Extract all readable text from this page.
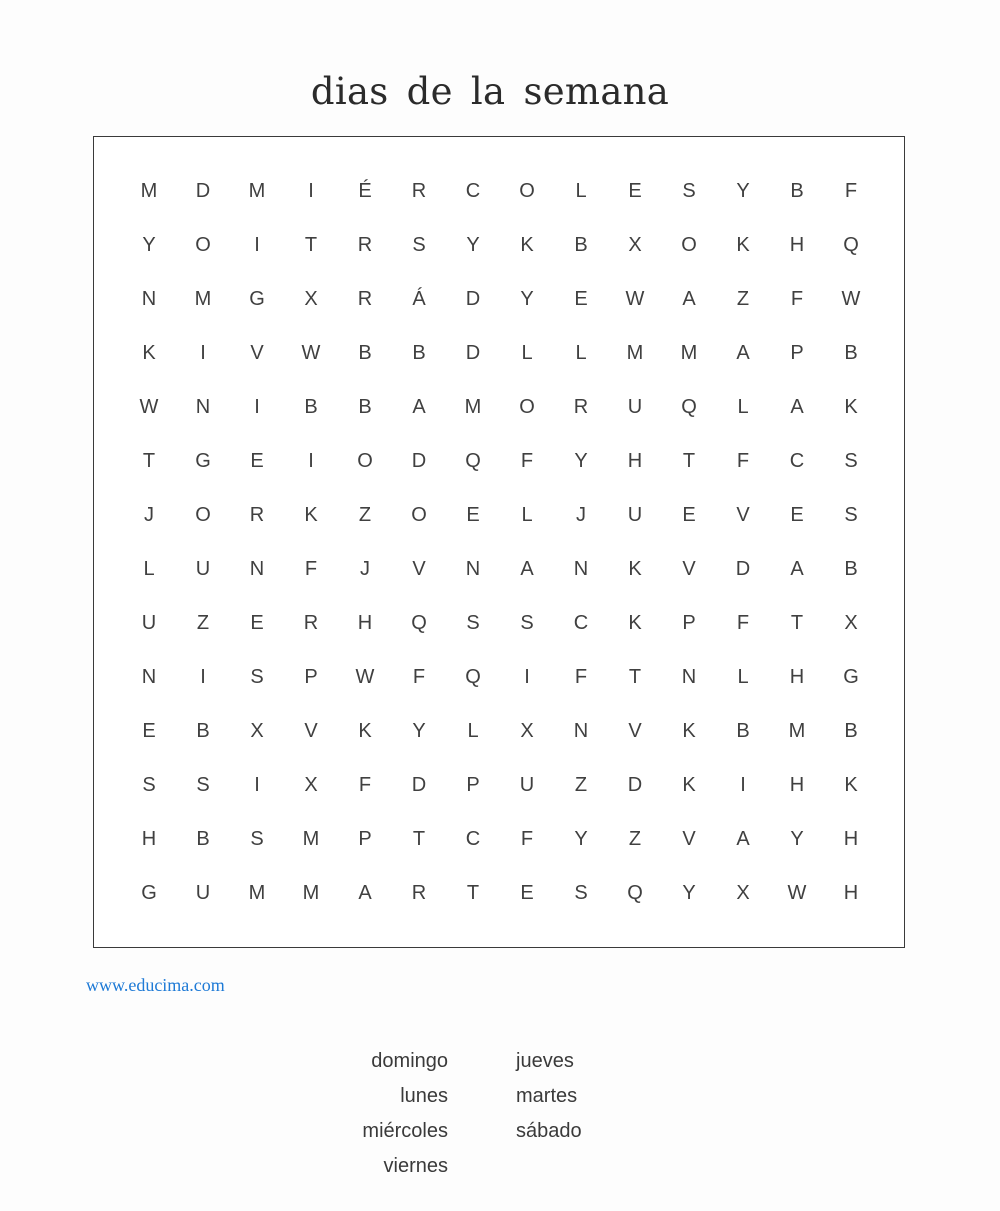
dias de la semana
M	D	M	I	É	R	C	O	L	E	S	Y	B	F
Y	O	I	T	R	S	Y	K	B	X	O	K	H	Q
N	M	G	X	R	Á	D	Y	E	W	A	Z	F	W
K	I	V	W	B	B	D	L	L	M	M	A	P	B
W	N	I	B	B	A	M	O	R	U	Q	L	A	K
T	G	E	I	O	D	Q	F	Y	H	T	F	C	S
J	O	R	K	Z	O	E	L	J	U	E	V	E	S
L	U	N	F	J	V	N	A	N	K	V	D	A	B
U	Z	E	R	H	Q	S	S	C	K	P	F	T	X
N	I	S	P	W	F	Q	I	F	T	N	L	H	G
E	B	X	V	K	Y	L	X	N	V	K	B	M	B
S	S	I	X	F	D	P	U	Z	D	K	I	H	K
H	B	S	M	P	T	C	F	Y	Z	V	A	Y	H
G	U	M	M	A	R	T	E	S	Q	Y	X	W	H
www.educima.com
domingo
lunes
miércoles
viernes
jueves
martes
sábado
